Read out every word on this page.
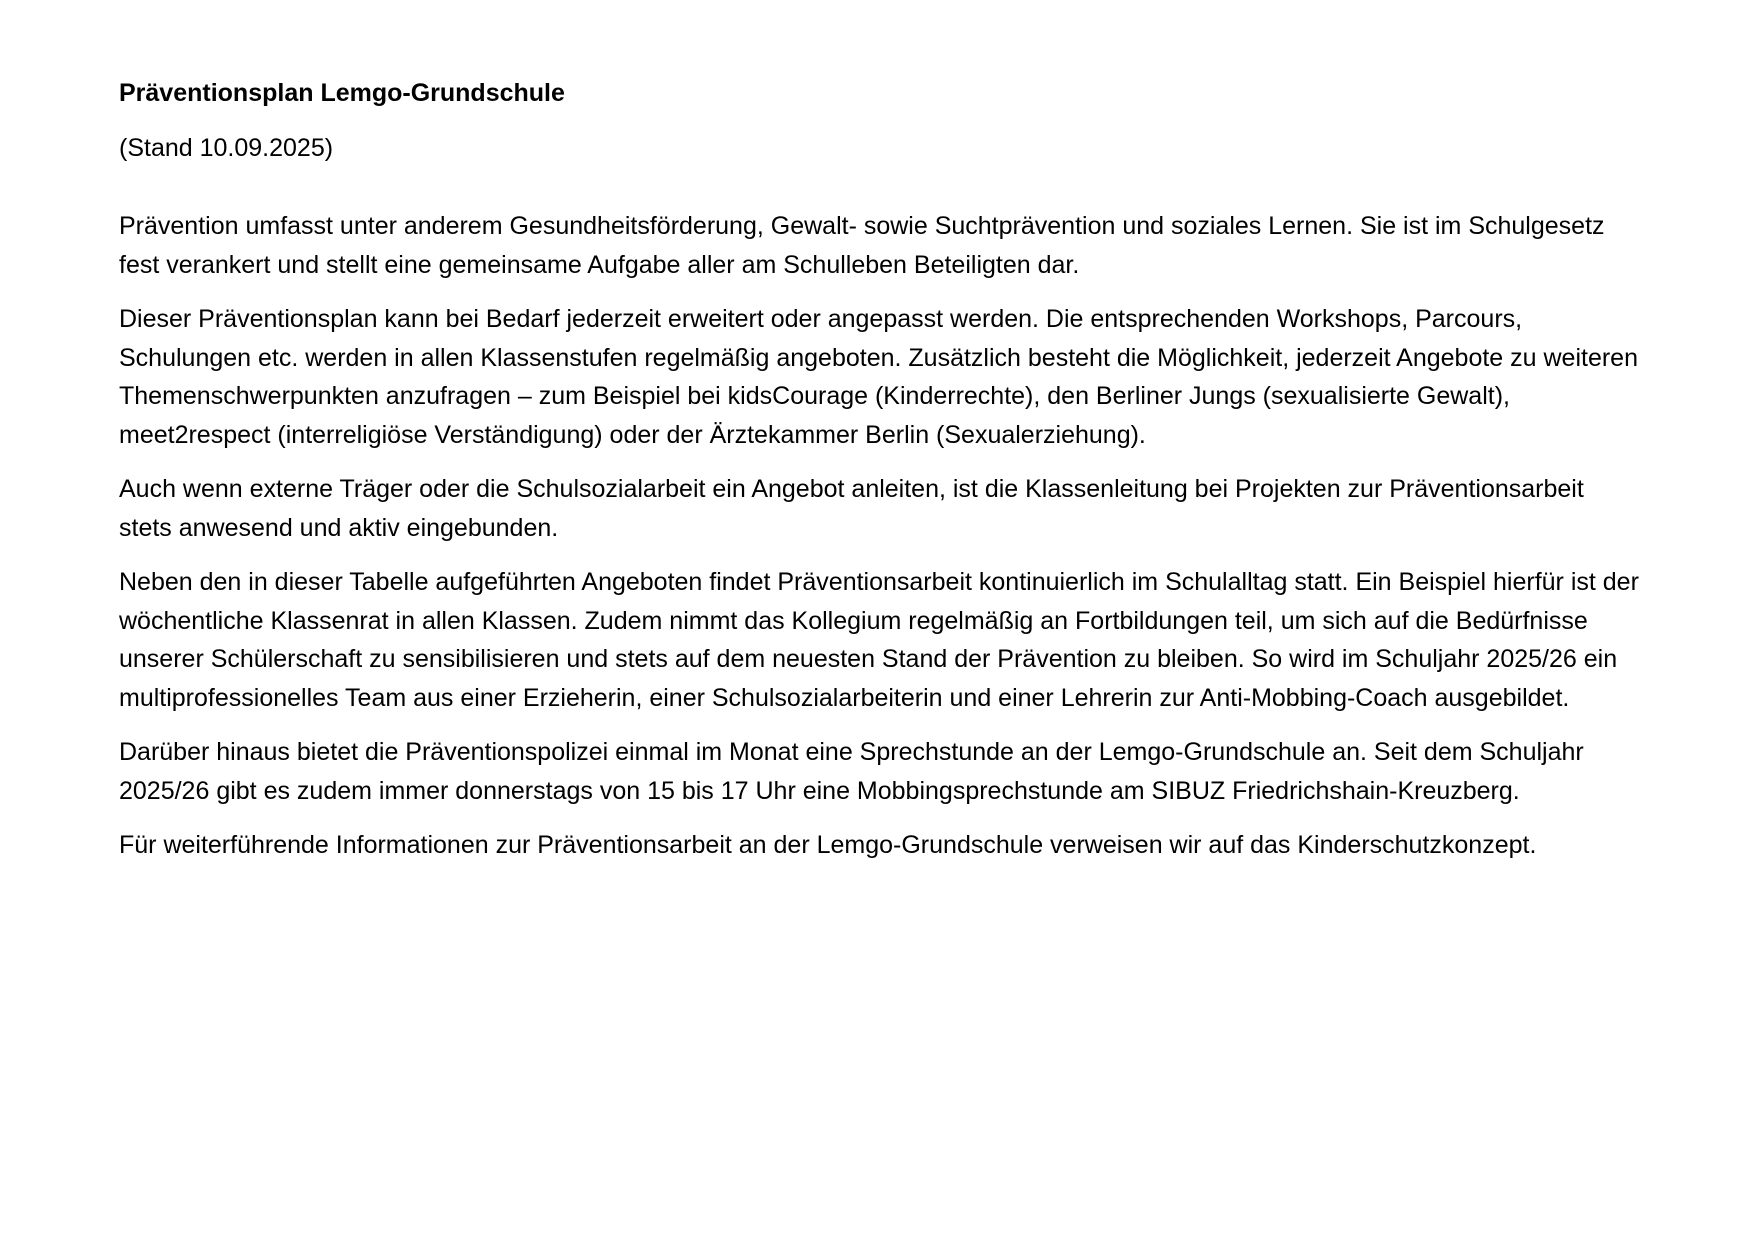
Präventionsplan Lemgo-Grundschule

(Stand 10.09.2025)

Prävention umfasst unter anderem Gesundheitsförderung, Gewalt- sowie Suchtprävention und soziales Lernen. Sie ist im Schulgesetz fest verankert und stellt eine gemeinsame Aufgabe aller am Schulleben Beteiligten dar.

Dieser Präventionsplan kann bei Bedarf jederzeit erweitert oder angepasst werden. Die entsprechenden Workshops, Parcours, Schulungen etc. werden in allen Klassenstufen regelmäßig angeboten. Zusätzlich besteht die Möglichkeit, jederzeit Angebote zu weiteren Themenschwerpunkten anzufragen – zum Beispiel bei kidsCourage (Kinderrechte), den Berliner Jungs (sexualisierte Gewalt), meet2respect (interreligiöse Verständigung) oder der Ärztekammer Berlin (Sexualerziehung).

Auch wenn externe Träger oder die Schulsozialarbeit ein Angebot anleiten, ist die Klassenleitung bei Projekten zur Präventionsarbeit stets anwesend und aktiv eingebunden.

Neben den in dieser Tabelle aufgeführten Angeboten findet Präventionsarbeit kontinuierlich im Schulalltag statt. Ein Beispiel hierfür ist der wöchentliche Klassenrat in allen Klassen. Zudem nimmt das Kollegium regelmäßig an Fortbildungen teil, um sich auf die Bedürfnisse unserer Schülerschaft zu sensibilisieren und stets auf dem neuesten Stand der Prävention zu bleiben. So wird im Schuljahr 2025/26 ein multiprofessionelles Team aus einer Erzieherin, einer Schulsozialarbeiterin und einer Lehrerin zur Anti-Mobbing-Coach ausgebildet.

Darüber hinaus bietet die Präventionspolizei einmal im Monat eine Sprechstunde an der Lemgo-Grundschule an. Seit dem Schuljahr 2025/26 gibt es zudem immer donnerstags von 15 bis 17 Uhr eine Mobbingsprechstunde am SIBUZ Friedrichshain-Kreuzberg.

Für weiterführende Informationen zur Präventionsarbeit an der Lemgo-Grundschule verweisen wir auf das Kinderschutzkonzept.
